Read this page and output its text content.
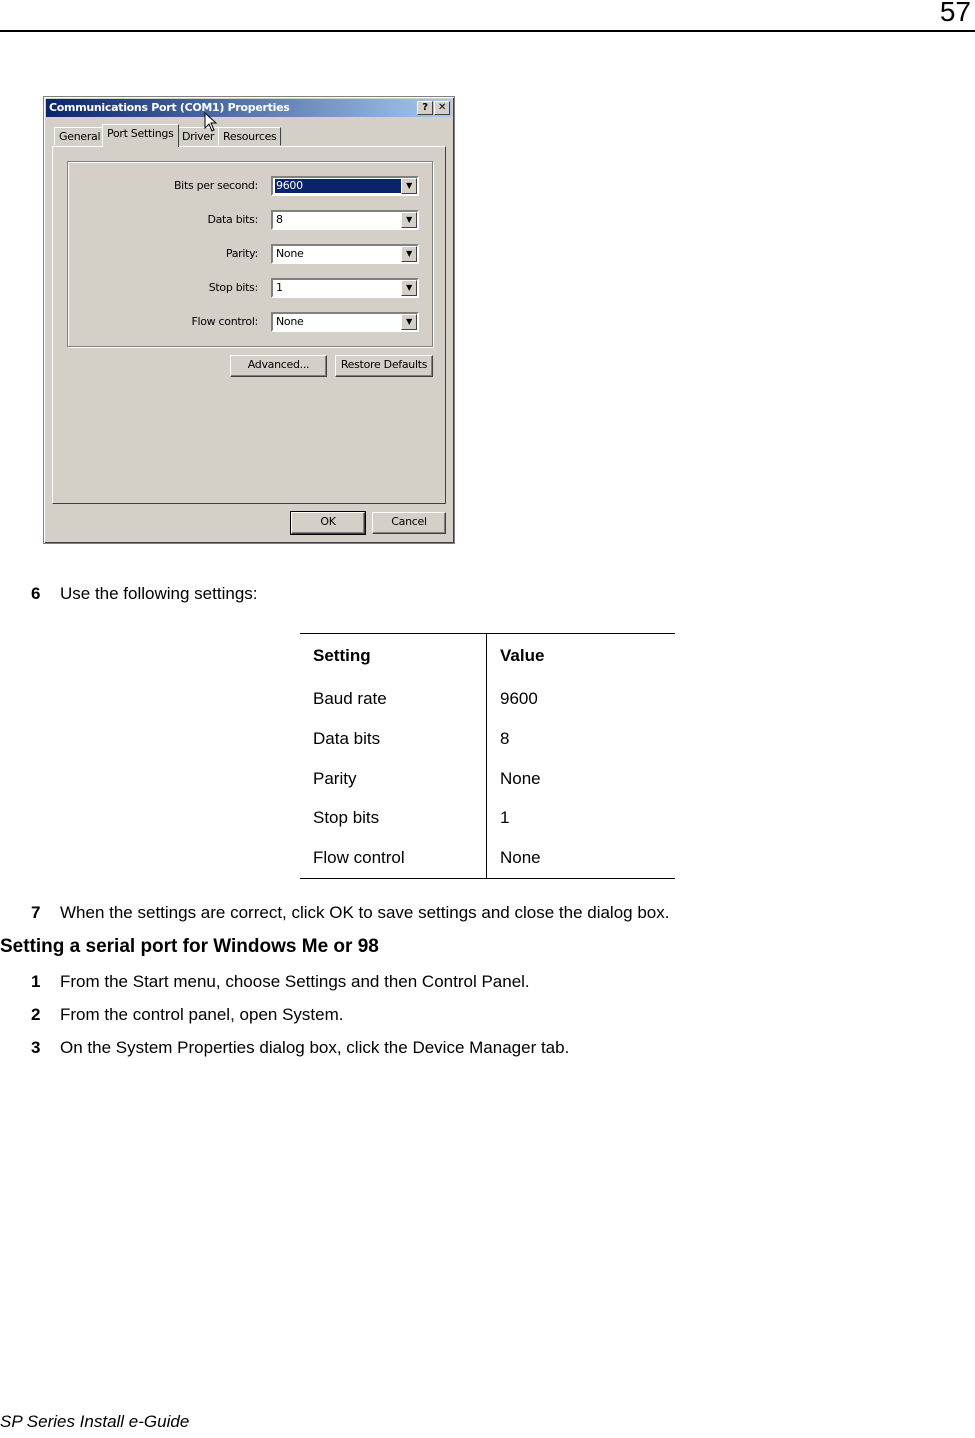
57
Communications Port (COM1) Properties	?	✕
General Port Settings Driver Resources
Bits per second: 9600	▼
Data bits: 8	▼
Parity: None	▼
Stop bits: 1	▼
Flow control: None	▼
Advanced...	Restore Defaults
OK	Cancel
6 Use the following settings:
Setting	Value
Baud rate	9600
Data bits	8
Parity	None
Stop bits	1
Flow control	None
7 When the settings are correct, click OK to save settings and close the dialog box.
Setting a serial port for Windows Me or 98
1 From the Start menu, choose Settings and then Control Panel.
2 From the control panel, open System.
3 On the System Properties dialog box, click the Device Manager tab.
SP Series Install e-Guide
